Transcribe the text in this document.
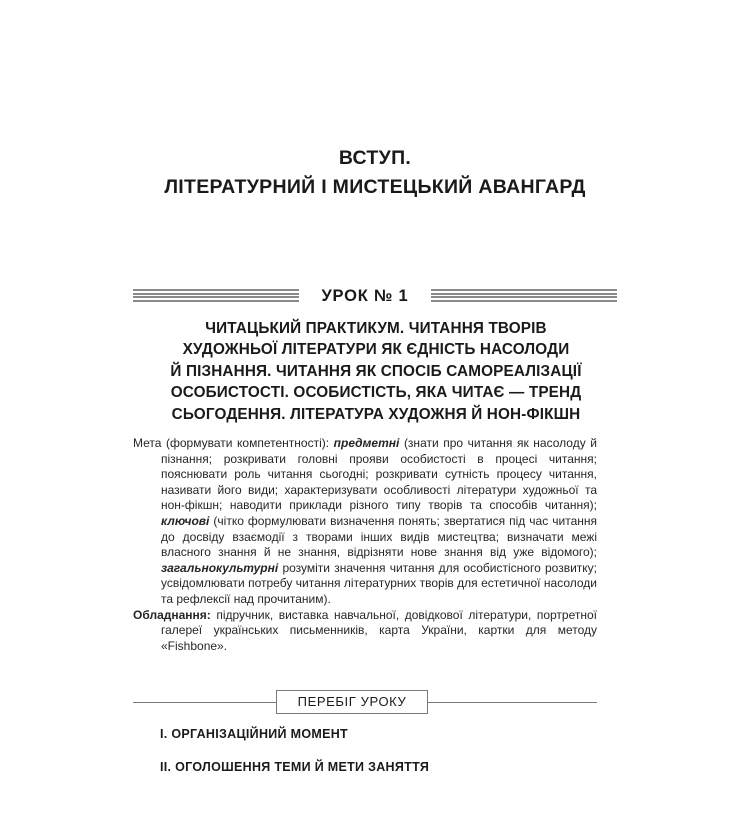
ВСТУП.
ЛІТЕРАТУРНИЙ І МИСТЕЦЬКИЙ АВАНГАРД
УРОК № 1
ЧИТАЦЬКИЙ ПРАКТИКУМ. ЧИТАННЯ ТВОРІВ
ХУДОЖНЬОЇ ЛІТЕРАТУРИ ЯК ЄДНІСТЬ НАСОЛОДИ
Й ПІЗНАННЯ. ЧИТАННЯ ЯК СПОСІБ САМОРЕАЛІЗАЦІЇ
ОСОБИСТОСТІ. ОСОБИСТІСТЬ, ЯКА ЧИТАЄ — ТРЕНД
СЬОГОДЕННЯ. ЛІТЕРАТУРА ХУДОЖНЯ Й НОН-ФІКШН

Мета (формувати компетентності): предметні (знати про читання як насолоду й пізнання; розкривати головні прояви особистості в процесі читання; пояснювати роль читання сьогодні; розкривати сутність процесу читання, називати його види; характеризувати особливості літератури художньої та нон-фікшн; наводити приклади різного типу творів та способів читання); ключові (чітко формулювати визначення понять; звертатися під час читання до досвіду взаємодії з творами інших видів мистецтва; визначати межі власного знання й не знання, відрізняти нове знання від уже відомого); загальнокультурні розуміти значення читання для особистісного розвитку; усвідомлювати потребу читання літературних творів для естетичної насолоди та рефлексії над прочитаним).

Обладнання: підручник, виставка навчальної, довідкової літератури, портретної галереї українських письменників, карта України, картки для методу «Fishbone».

ПЕРЕБІГ УРОКУ
I. ОРГАНІЗАЦІЙНИЙ МОМЕНТ
II. ОГОЛОШЕННЯ ТЕМИ Й МЕТИ ЗАНЯТТЯ
